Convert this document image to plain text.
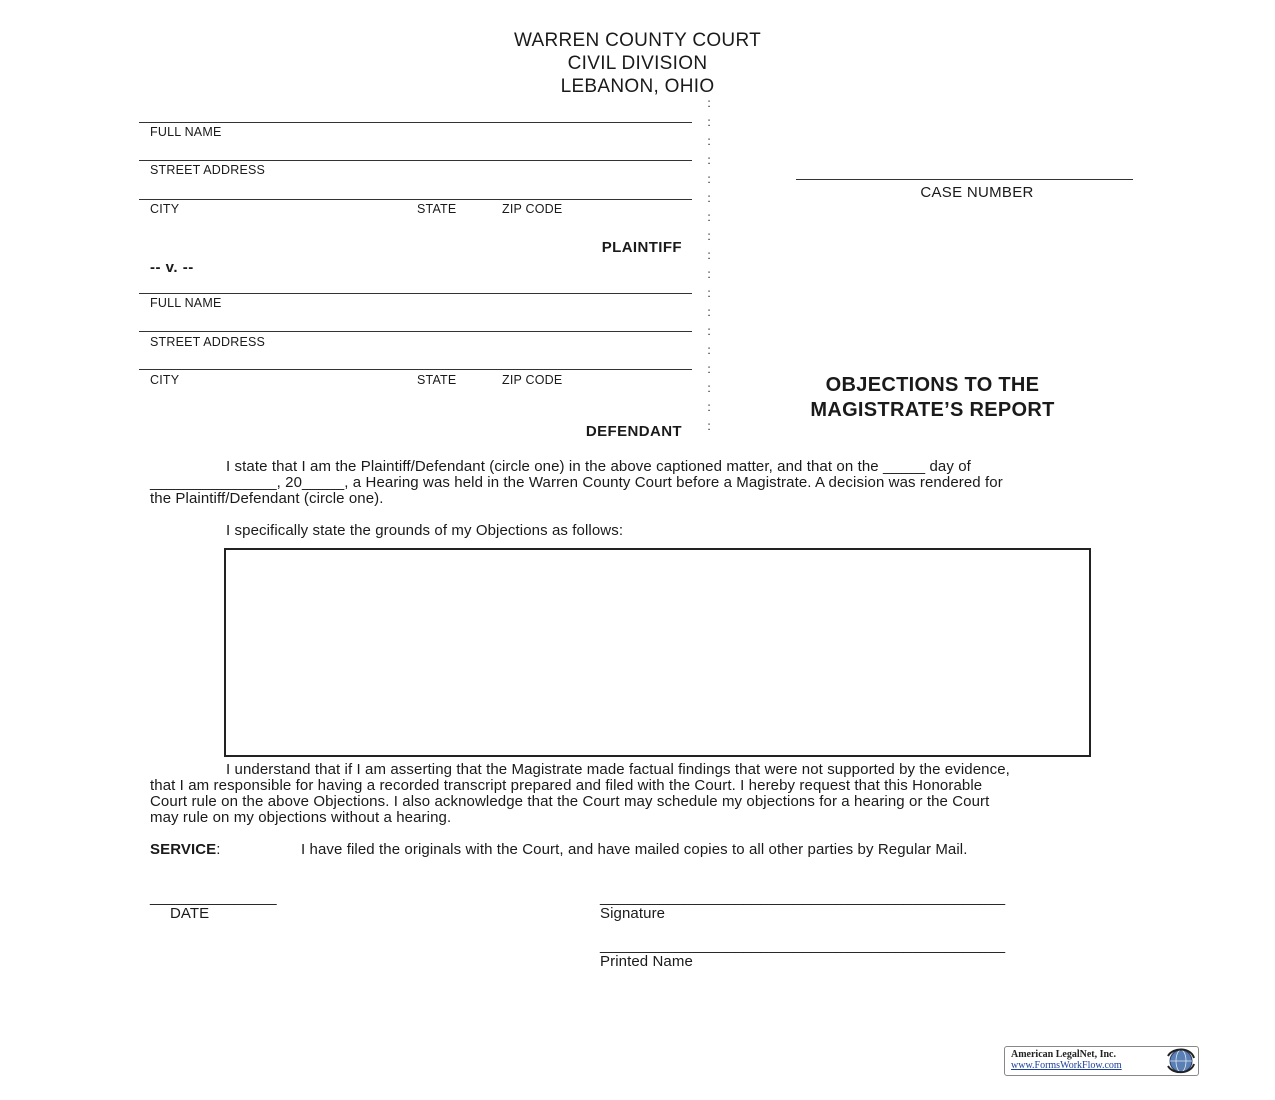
WARREN COUNTY COURT
CIVIL DIVISION
LEBANON, OHIO
FULL NAME
STREET ADDRESS
CITY	STATE	ZIP CODE
PLAINTIFF
-- v. --
FULL NAME
STREET ADDRESS
CITY	STATE	ZIP CODE
DEFENDANT
:
:
:
:
:
:
:
:
:
:
:
:
:
:
:
:
:
:
CASE NUMBER
OBJECTIONS TO THE
MAGISTRATE’S REPORT
I state that I am the Plaintiff/Defendant (circle one) in the above captioned matter, and that on the _____ day of
_______________, 20_____, a Hearing was held in the Warren County Court before a Magistrate. A decision was rendered for
the Plaintiff/Defendant (circle one).
I specifically state the grounds of my Objections as follows:
I understand that if I am asserting that the Magistrate made factual findings that were not supported by the evidence,
that I am responsible for having a recorded transcript prepared and filed with the Court. I hereby request that this Honorable
Court rule on the above Objections. I also acknowledge that the Court may schedule my objections for a hearing or the Court
may rule on my objections without a hearing.
SERVICE:	I have filed the originals with the Court, and have mailed copies to all other parties by Regular Mail.
_______________
DATE
________________________________________________
Signature
________________________________________________
Printed Name
American LegalNet, Inc.
www.FormsWorkFlow.com
